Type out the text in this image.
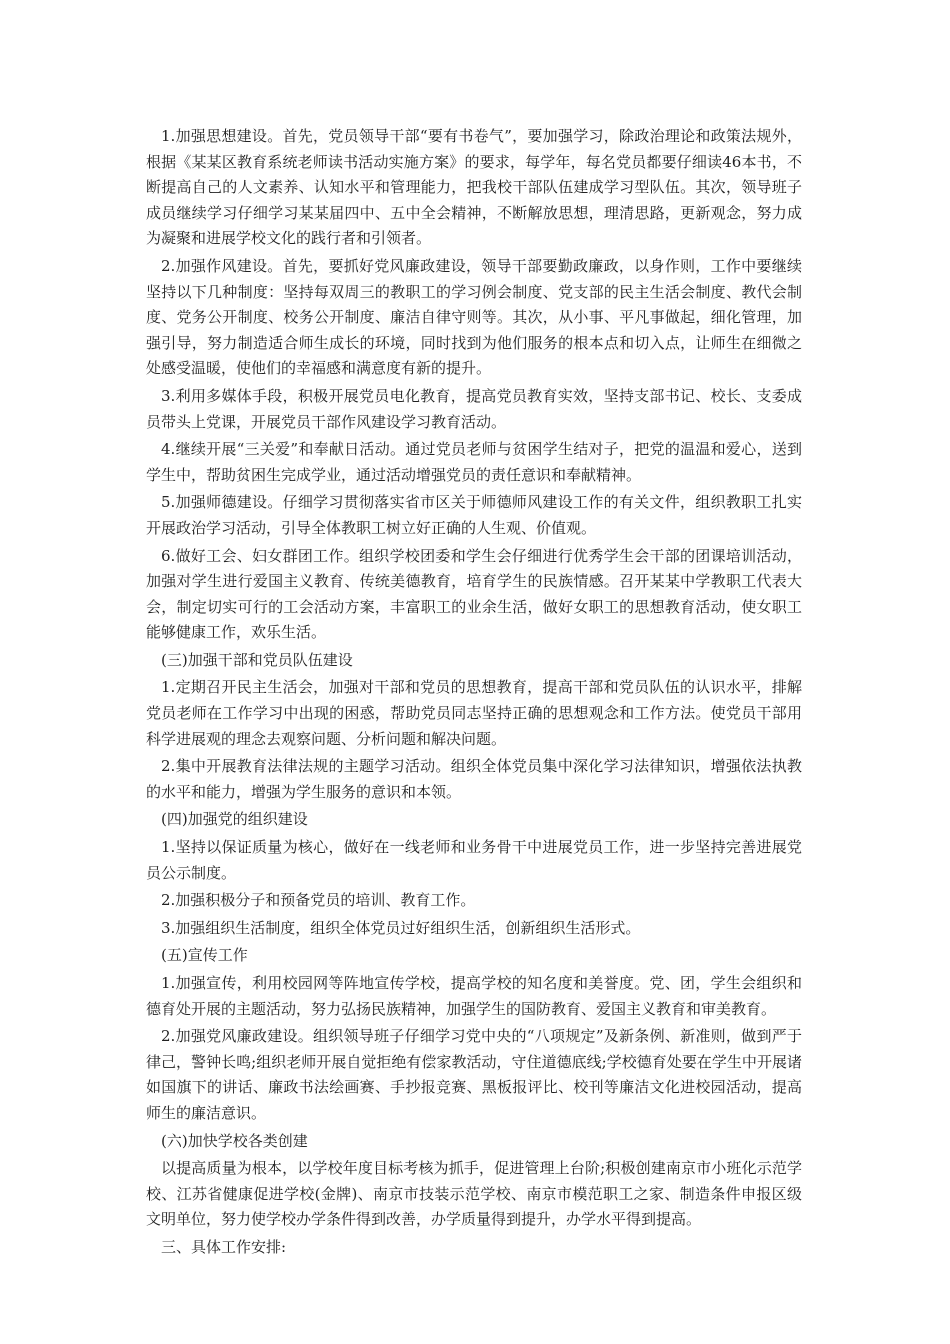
1.加强思想建设。首先，党员领导干部“要有书卷气”，要加强学习，除政治理论和政策法规外，根据《某某区教育系统老师读书活动实施方案》的要求，每学年，每名党员都要仔细读46本书，不断提高自己的人文素养、认知水平和管理能力，把我校干部队伍建成学习型队伍。其次，领导班子成员继续学习仔细学习某某届四中、五中全会精神，不断解放思想，理清思路，更新观念，努力成为凝聚和进展学校文化的践行者和引领者。

2.加强作风建设。首先，要抓好党风廉政建设，领导干部要勤政廉政，以身作则，工作中要继续坚持以下几种制度：坚持每双周三的教职工的学习例会制度、党支部的民主生活会制度、教代会制度、党务公开制度、校务公开制度、廉洁自律守则等。其次，从小事、平凡事做起，细化管理，加强引导，努力制造适合师生成长的环境，同时找到为他们服务的根本点和切入点，让师生在细微之处感受温暖，使他们的幸福感和满意度有新的提升。

3.利用多媒体手段，积极开展党员电化教育，提高党员教育实效，坚持支部书记、校长、支委成员带头上党课，开展党员干部作风建设学习教育活动。

4.继续开展“三关爱”和奉献日活动。通过党员老师与贫困学生结对子，把党的温温和爱心，送到学生中，帮助贫困生完成学业，通过活动增强党员的责任意识和奉献精神。

5.加强师德建设。仔细学习贯彻落实省市区关于师德师风建设工作的有关文件，组织教职工扎实开展政治学习活动，引导全体教职工树立好正确的人生观、价值观。

6.做好工会、妇女群团工作。组织学校团委和学生会仔细进行优秀学生会干部的团课培训活动，加强对学生进行爱国主义教育、传统美德教育，培育学生的民族情感。召开某某中学教职工代表大会，制定切实可行的工会活动方案，丰富职工的业余生活，做好女职工的思想教育活动，使女职工能够健康工作，欢乐生活。

(三)加强干部和党员队伍建设

1.定期召开民主生活会，加强对干部和党员的思想教育，提高干部和党员队伍的认识水平，排解党员老师在工作学习中出现的困惑，帮助党员同志坚持正确的思想观念和工作方法。使党员干部用科学进展观的理念去观察问题、分析问题和解决问题。

2.集中开展教育法律法规的主题学习活动。组织全体党员集中深化学习法律知识，增强依法执教的水平和能力，增强为学生服务的意识和本领。

(四)加强党的组织建设

1.坚持以保证质量为核心，做好在一线老师和业务骨干中进展党员工作，进一步坚持完善进展党员公示制度。

2.加强积极分子和预备党员的培训、教育工作。

3.加强组织生活制度，组织全体党员过好组织生活，创新组织生活形式。

(五)宣传工作

1.加强宣传，利用校园网等阵地宣传学校，提高学校的知名度和美誉度。党、团，学生会组织和德育处开展的主题活动，努力弘扬民族精神，加强学生的国防教育、爱国主义教育和审美教育。

2.加强党风廉政建设。组织领导班子仔细学习党中央的“八项规定”及新条例、新准则，做到严于律己，警钟长鸣;组织老师开展自觉拒绝有偿家教活动，守住道德底线;学校德育处要在学生中开展诸如国旗下的讲话、廉政书法绘画赛、手抄报竞赛、黑板报评比、校刊等廉洁文化进校园活动，提高师生的廉洁意识。

(六)加快学校各类创建

以提高质量为根本，以学校年度目标考核为抓手，促进管理上台阶;积极创建南京市小班化示范学校、江苏省健康促进学校(金牌)、南京市技装示范学校、南京市模范职工之家、制造条件申报区级文明单位，努力使学校办学条件得到改善，办学质量得到提升，办学水平得到提高。

三、具体工作安排:
